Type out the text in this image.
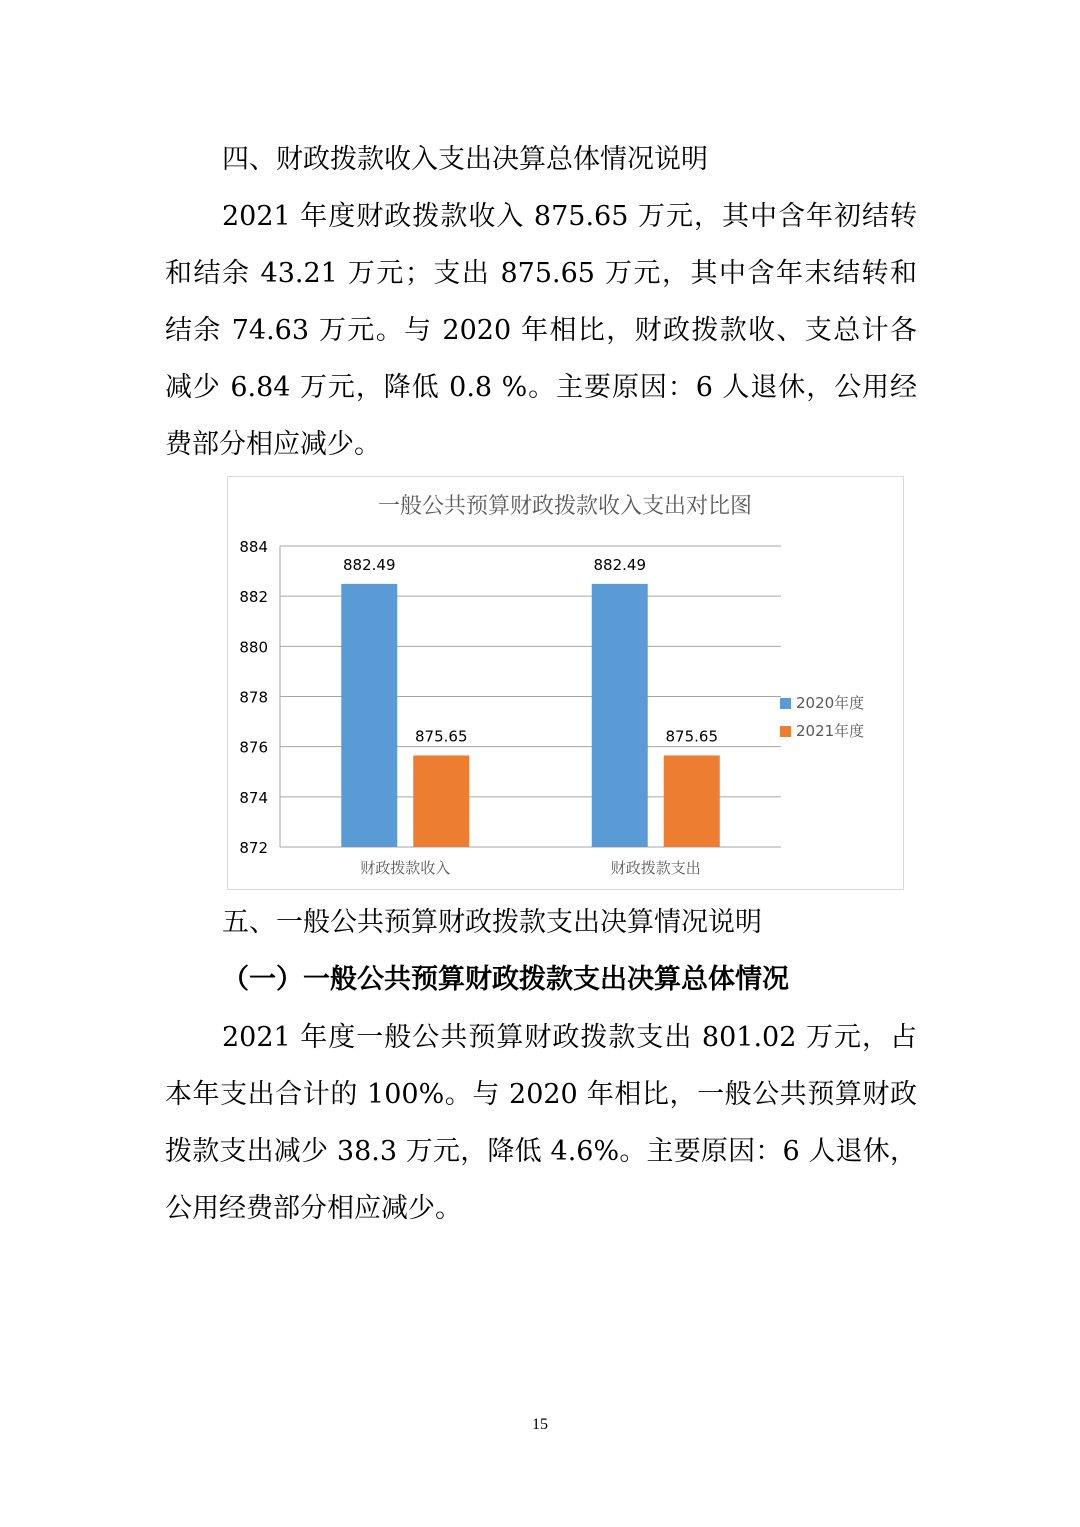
四、财政拨款收入支出决算总体情况说明
2021 年度财政拨款收入 875.65 万元，其中含年初结转
和结余 43.21 万元；支出 875.65 万元，其中含年末结转和
结余 74.63 万元。与 2020 年相比，财政拨款收、支总计各
减少 6.84 万元，降低 0.8 %。主要原因：6 人退休，公用经
费部分相应减少。
一般公共预算财政拨款收入支出对比图
884
882
880
878
876
874
872
882.49
875.65
财政拨款收入
882.49
875.65
财政拨款支出
2020年度
2021年度
五、一般公共预算财政拨款支出决算情况说明
（一）一般公共预算财政拨款支出决算总体情况
2021 年度一般公共预算财政拨款支出 801.02 万元，占
本年支出合计的 100%。与 2020 年相比，一般公共预算财政
拨款支出减少 38.3 万元，降低 4.6%。主要原因：6 人退休，
公用经费部分相应减少。
15
